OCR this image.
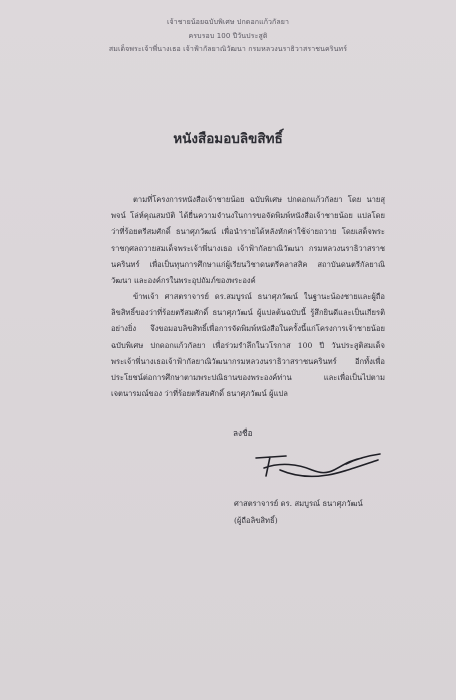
เจ้าชายน้อยฉบับพิเศษ ปกดอกแก้วกัลยา
ครบรอบ 100 ปีวันประสูติ
สมเด็จพระเจ้าพี่นางเธอ เจ้าฟ้ากัลยาณิวัฒนา กรมหลวงนราธิวาสราชนครินทร์
หนังสือมอบลิขสิทธิ์
ตามที่โครงการหนังสือเจ้าชายน้อย ฉบับพิเศษ ปกดอกแก้วกัลยา โดย นายสุพจน์ โล่ห์คุณสมบัติ ได้ยื่นความจำนงในการขอจัดพิมพ์หนังสือเจ้าชายน้อย แปลโดย ว่าที่ร้อยตรีสมศักดิ์ ธนาศุภวัฒน์ เพื่อนำรายได้หลังหักค่าใช้จ่ายถวาย โดยเสด็จพระราชกุศลถวายสมเด็จพระเจ้าพี่นางเธอ เจ้าฟ้ากัลยาณิวัฒนา กรมหลวงนราธิวาสราชนครินทร์ เพื่อเป็นทุนการศึกษาแก่ผู้เรียนวิชาดนตรีคลาสสิค สถาบันดนตรีกัลยาณิวัฒนา และองค์กรในพระอุปถัมภ์ของพระองค์
ข้าพเจ้า ศาสตราจารย์ ดร.สมบูรณ์ ธนาศุภวัฒน์ ในฐานะน้องชายและผู้ถือลิขสิทธิ์ของว่าที่ร้อยตรีสมศักดิ์ ธนาศุภวัฒน์ ผู้แปลต้นฉบับนี้ รู้สึกยินดีและเป็นเกียรติอย่างยิ่ง จึงขอมอบลิขสิทธิ์เพื่อการจัดพิมพ์หนังสือในครั้งนี้แก่โครงการเจ้าชายน้อย ฉบับพิเศษ ปกดอกแก้วกัลยา เพื่อร่วมรำลึกในวโรกาส 100 ปี วันประสูติสมเด็จพระเจ้าพี่นางเธอเจ้าฟ้ากัลยาณิวัฒนากรมหลวงนราธิวาสราชนครินทร์ อีกทั้งเพื่อประโยชน์ต่อการศึกษาตามพระปณิธานของพระองค์ท่าน และเพื่อเป็นไปตามเจตนารมณ์ของ ว่าที่ร้อยตรีสมศักดิ์ ธนาศุภวัฒน์ ผู้แปล
ลงชื่อ
ศาสตราจารย์ ดร. สมบูรณ์ ธนาศุภวัฒน์
(ผู้ถือลิขสิทธิ์)
